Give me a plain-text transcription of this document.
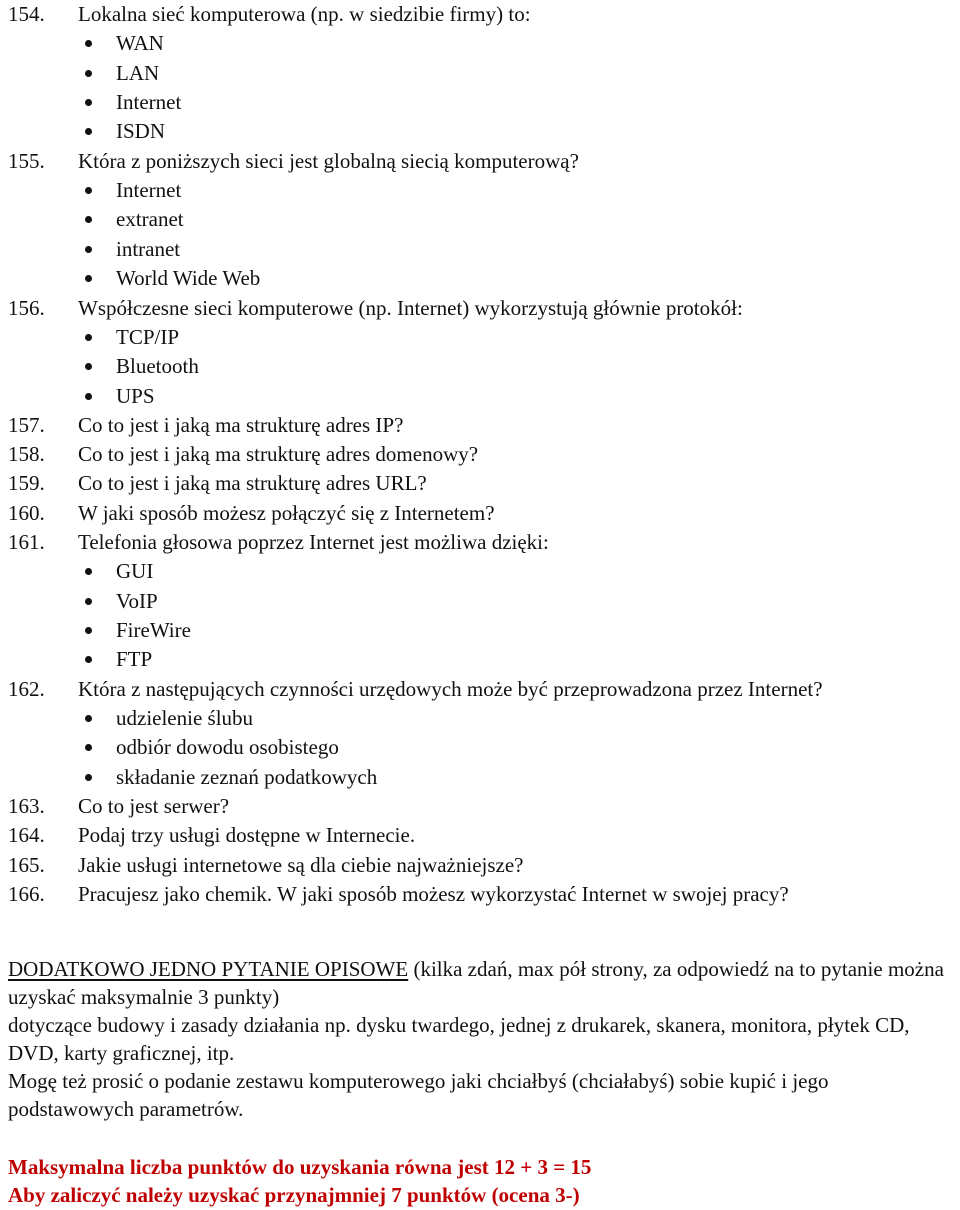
154.	Lokalna sieć komputerowa (np. w siedzibie firmy) to:
WAN
LAN
Internet
ISDN
155.	Która z poniższych sieci jest globalną siecią komputerową?
Internet
extranet
intranet
World Wide Web
156.	Współczesne sieci komputerowe (np. Internet) wykorzystują głównie protokół:
TCP/IP
Bluetooth
UPS
157.	Co to jest i jaką ma strukturę adres IP?
158.	Co to jest i jaką ma strukturę adres domenowy?
159.	Co to jest i jaką ma strukturę adres URL?
160.	W jaki sposób możesz połączyć się z Internetem?
161.	Telefonia głosowa poprzez Internet jest możliwa dzięki:
GUI
VoIP
FireWire
FTP
162.	Która z następujących czynności urzędowych może być przeprowadzona przez Internet?
udzielenie ślubu
odbiór dowodu osobistego
składanie zeznań podatkowych
163.	Co to jest serwer?
164.	Podaj trzy usługi dostępne w Internecie.
165.	Jakie usługi internetowe są dla ciebie najważniejsze?
166.	Pracujesz jako chemik. W jaki sposób możesz wykorzystać Internet w swojej pracy?

DODATKOWO JEDNO PYTANIE OPISOWE (kilka zdań, max pół strony, za odpowiedź na to pytanie można uzyskać maksymalnie 3 punkty)

dotyczące budowy i zasady działania np. dysku twardego, jednej z drukarek, skanera, monitora, płytek CD, DVD, karty graficznej, itp.

Mogę też prosić o podanie zestawu komputerowego jaki chciałbyś (chciałabyś) sobie kupić i jego podstawowych parametrów.

Maksymalna liczba punktów do uzyskania równa jest 12 + 3 = 15

Aby zaliczyć należy uzyskać przynajmniej 7 punktów (ocena 3-)
